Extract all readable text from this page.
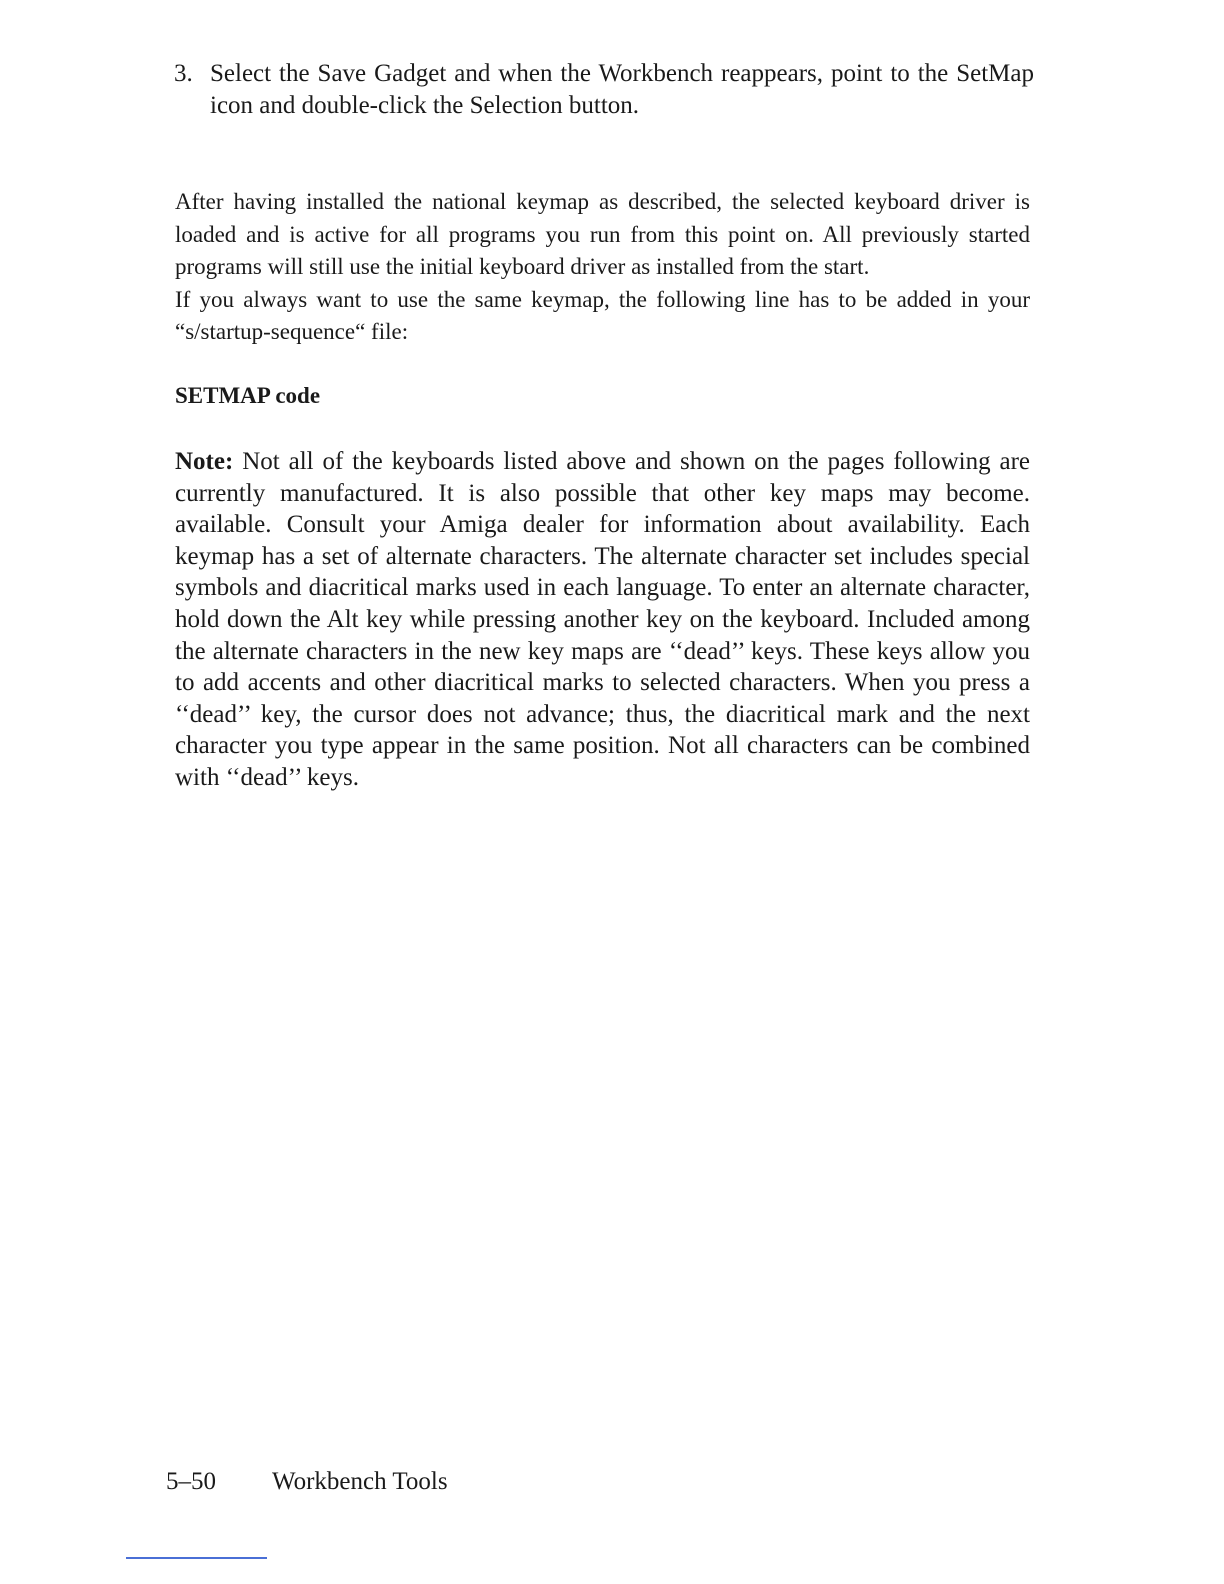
3. Select the Save Gadget and when the Workbench reappears, point to the SetMap icon and double-click the Selection button.

After having installed the national keymap as described, the selected keyboard driver is loaded and is active for all programs you run from this point on. All previously started programs will still use the initial keyboard driver as installed from the start.
If you always want to use the same keymap, the following line has to be added in your “s/startup-sequence“ file:

SETMAP code

Note: Not all of the keyboards listed above and shown on the pages following are currently manufactured. It is also possible that other key maps may become. available. Consult your Amiga dealer for information about availability. Each keymap has a set of alternate characters. The alternate character set includes special symbols and diacritical marks used in each language. To enter an alternate character, hold down the Alt key while pressing another key on the keyboard. Included among the alternate characters in the new key maps are ‘‘dead’’ keys. These keys allow you to add accents and other diacritical marks to selected characters. When you press a ‘‘dead’’ key, the cursor does not advance; thus, the diacritical mark and the next character you type appear in the same position. Not all characters can be combined with ‘‘dead’’ keys.

5–50	Workbench Tools
